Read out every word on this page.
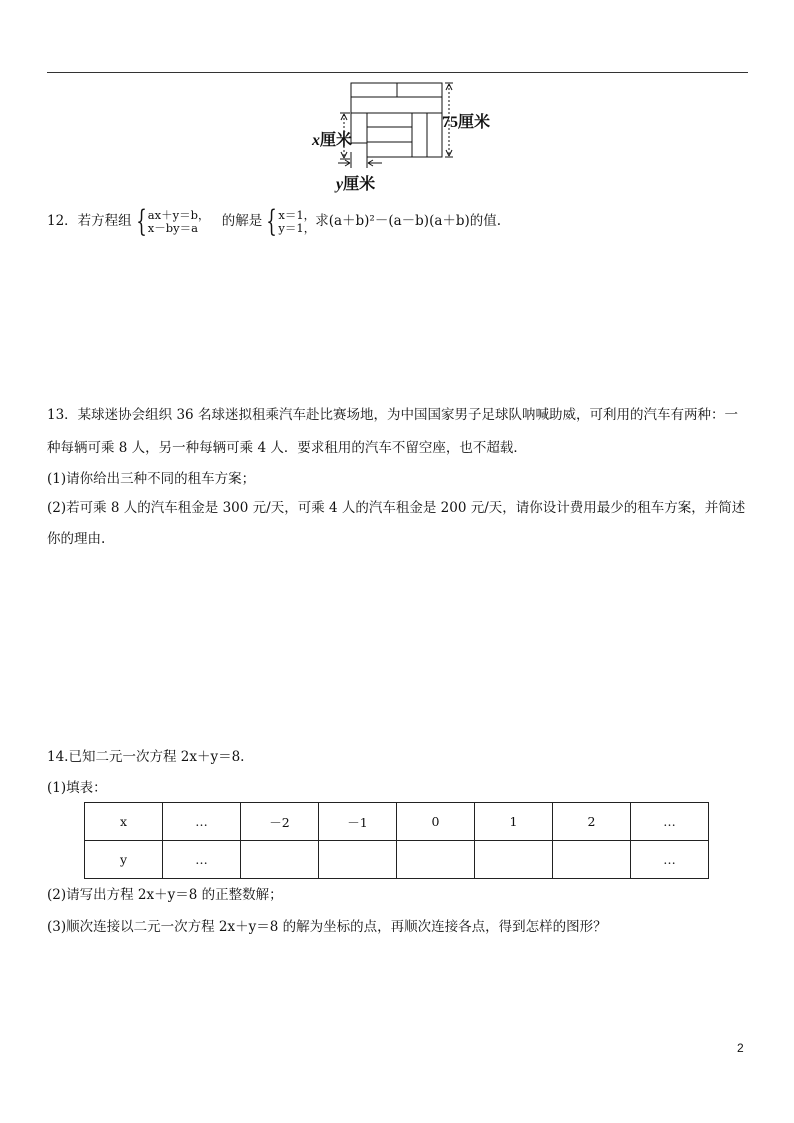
75厘米
x厘米
y厘米
12．若方程组 { ax＋y＝b，
x－by＝a	的解是 { x＝1，
y＝1， 求(a＋b)²－(a－b)(a＋b)的值.
13．某球迷协会组织 36 名球迷拟租乘汽车赴比赛场地，为中国国家男子足球队呐喊助威，可利用的汽车有两种：一
种每辆可乘 8 人，另一种每辆可乘 4 人．要求租用的汽车不留空座，也不超载．
(1)请你给出三种不同的租车方案；
(2)若可乘 8 人的汽车租金是 300 元/天，可乘 4 人的汽车租金是 200 元/天，请你设计费用最少的租车方案，并简述
你的理由.
14.已知二元一次方程 2x＋y＝8.
(1)填表：
x	…	－2	－1	0	1	2	…
y	…						…
(2)请写出方程 2x＋y＝8 的正整数解；
(3)顺次连接以二元一次方程 2x＋y＝8 的解为坐标的点，再顺次连接各点，得到怎样的图形？
2
